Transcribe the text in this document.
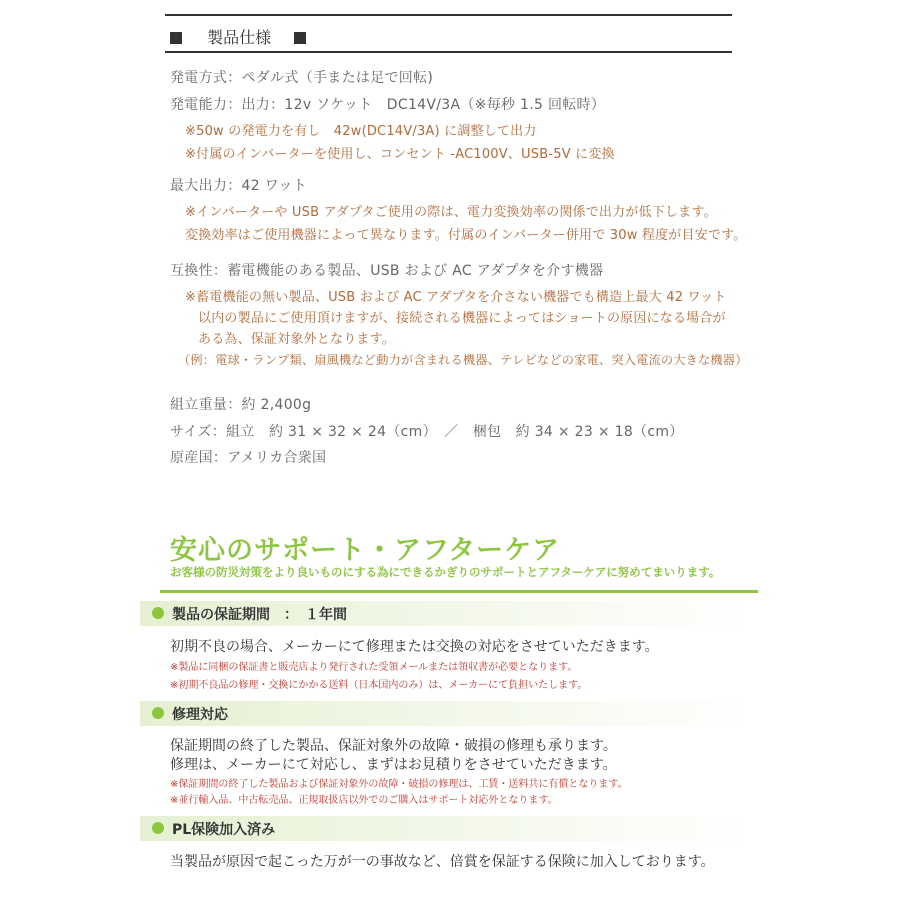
製品仕様
発電方式：ペダル式（手または足で回転)
発電能力：出力：12v ソケット　DC14V/3A（※毎秒 1.5 回転時）
※50w の発電力を有し　42w(DC14V/3A) に調整して出力
※付属のインバーターを使用し、コンセント -AC100V、USB-5V に変換
最大出力：42 ワット
※インバーターや USB アダプタご使用の際は、電力変換効率の関係で出力が低下します。
変換効率はご使用機器によって異なります。付属のインバーター併用で 30w 程度が目安です。
互換性：蓄電機能のある製品、USB および AC アダプタを介す機器
※蓄電機能の無い製品、USB および AC アダプタを介さない機器でも構造上最大 42 ワット
以内の製品にご使用頂けますが、接続される機器によってはショートの原因になる場合が
ある為、保証対象外となります。
（例：電球・ランプ類、扇風機など動力が含まれる機器、テレビなどの家電、突入電流の大きな機器）
組立重量：約 2,400g
サイズ：組立　約 31 × 32 × 24（cm）　／　梱包　約 34 × 23 × 18（cm）
原産国：アメリカ合衆国
安心のサポート・アフターケア
お客様の防災対策をより良いものにする為にできるかぎりのサポートとアフターケアに努めてまいります。
製品の保証期間　：　１年間
初期不良の場合、メーカーにて修理または交換の対応をさせていただきます。
※製品に同梱の保証書と販売店より発行された受領メールまたは領収書が必要となります。
※初期不良品の修理・交換にかかる送料（日本国内のみ）は、メーカーにて負担いたします。
修理対応
保証期間の終了した製品、保証対象外の故障・破損の修理も承ります。
修理は、メーカーにて対応し、まずはお見積りをさせていただきます。
※保証期間の終了した製品および保証対象外の故障・破損の修理は、工賃・送料共に有償となります。
※並行輸入品、中古転売品、正規取扱店以外でのご購入はサポート対応外となります。
PL保険加入済み
当製品が原因で起こった万が一の事故など、倍賞を保証する保険に加入しております。
